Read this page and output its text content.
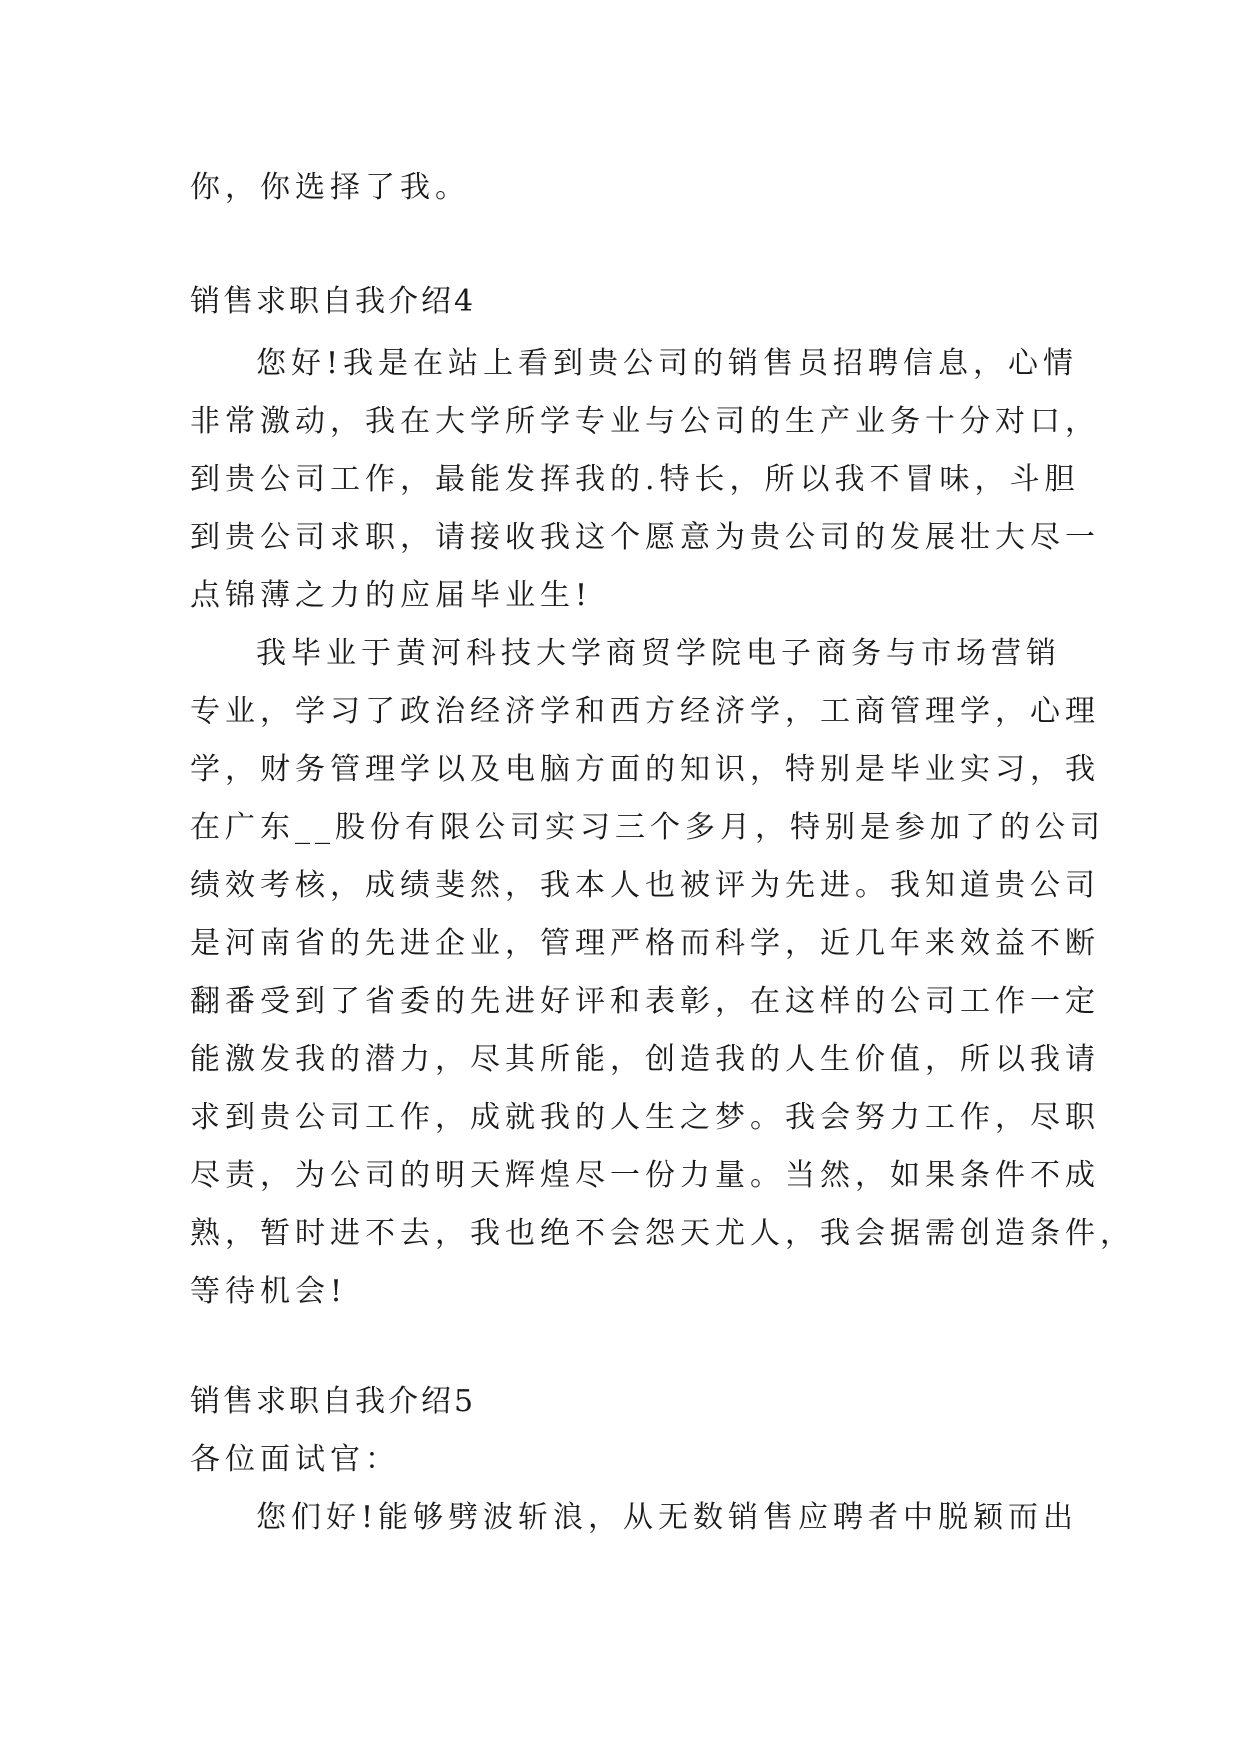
你，你选择了我。
销售求职自我介绍4
您好!我是在站上看到贵公司的销售员招聘信息，心情
非常激动，我在大学所学专业与公司的生产业务十分对口，
到贵公司工作，最能发挥我的.特长，所以我不冒味，斗胆
到贵公司求职，请接收我这个愿意为贵公司的发展壮大尽一
点锦薄之力的应届毕业生!
我毕业于黄河科技大学商贸学院电子商务与市场营销
专业，学习了政治经济学和西方经济学，工商管理学，心理
学，财务管理学以及电脑方面的知识，特别是毕业实习，我
在广东__股份有限公司实习三个多月，特别是参加了的公司
绩效考核，成绩斐然，我本人也被评为先进。我知道贵公司
是河南省的先进企业，管理严格而科学，近几年来效益不断
翻番受到了省委的先进好评和表彰，在这样的公司工作一定
能激发我的潜力，尽其所能，创造我的人生价值，所以我请
求到贵公司工作，成就我的人生之梦。我会努力工作，尽职
尽责，为公司的明天辉煌尽一份力量。当然，如果条件不成
熟，暂时进不去，我也绝不会怨天尤人，我会据需创造条件，
等待机会!
销售求职自我介绍5
各位面试官：
您们好!能够劈波斩浪，从无数销售应聘者中脱颖而出
